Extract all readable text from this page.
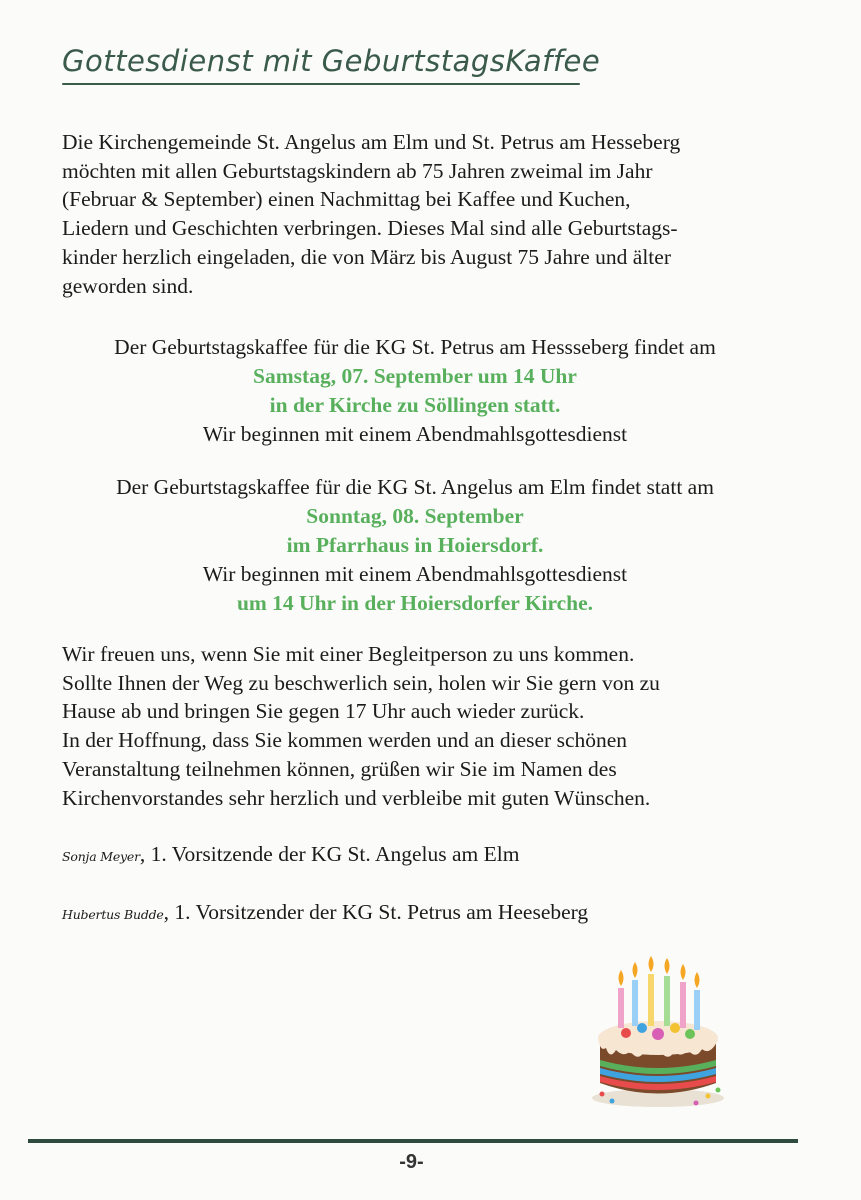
Gottesdienst mit GeburtstagsKaffee
Die Kirchengemeinde St. Angelus am Elm und St. Petrus am Hesseberg
möchten mit allen Geburtstagskindern ab 75 Jahren zweimal im Jahr
(Februar & September) einen Nachmittag bei Kaffee und Kuchen,
Liedern und Geschichten verbringen. Dieses Mal sind alle Geburtstags-
kinder herzlich eingeladen, die von März bis August 75 Jahre und älter
geworden sind.
Der Geburtstagskaffee für die KG St. Petrus am Hessseberg findet am
Samstag, 07. September um 14 Uhr
in der Kirche zu Söllingen statt.
Wir beginnen mit einem Abendmahlsgottesdienst
Der Geburtstagskaffee für die KG St. Angelus am Elm findet statt am
Sonntag, 08. September
im Pfarrhaus in Hoiersdorf.
Wir beginnen mit einem Abendmahlsgottesdienst
um 14 Uhr in der Hoiersdorfer Kirche.
Wir freuen uns, wenn Sie mit einer Begleitperson zu uns kommen.
Sollte Ihnen der Weg zu beschwerlich sein, holen wir Sie gern von zu
Hause ab und bringen Sie gegen 17 Uhr auch wieder zurück.
In der Hoffnung, dass Sie kommen werden und an dieser schönen
Veranstaltung teilnehmen können, grüßen wir Sie im Namen des
Kirchenvorstandes sehr herzlich und verbleibe mit guten Wünschen.
Sonja Meyer, 1. Vorsitzende der KG St. Angelus am Elm
Hubertus Budde, 1. Vorsitzender der KG St. Petrus am Heeseberg
-9-
